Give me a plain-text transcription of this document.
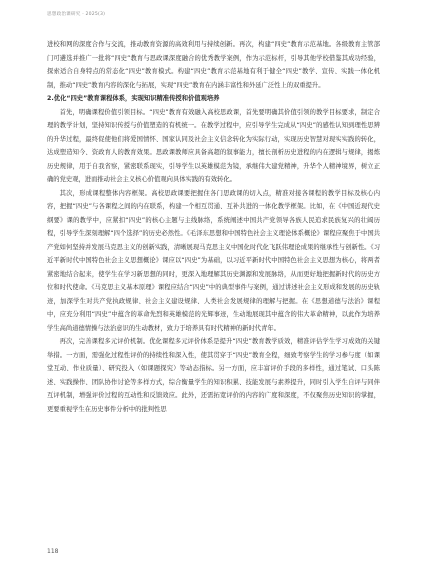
思想政治课研究 · 2025(3)

进校和网的深度合作与交流，推动教育资源的高效利用与持续创新。再次，构建“四史”教育示范基地。各级教育主管部门可遴选并推广一批将“四史”教育与思政课深度融合的优秀教学案例，作为示范标杆，引导其他学校借鉴其成功经验，探索适合自身特点的常态化“四史”教育模式。构建“四史”教育示范基地有利于健全“四史”教学、宣传、实践一体化机制，推动“四史”教育内容的深化与拓展，实现“四史”教育在内涵丰富性和外延广泛性上的双重提升。

2.优化“四史”教育课程体系，实现知识精准传授和价值观培养

首先，明确课程价值引领目标。“四史”教育有效融入高校思政课，首先要明确其价值引领的教学目标要求，制定合理的教学计划，坚持知识传授与价值塑造的有机统一。在教学过程中，应引导学生完成从“四史”的感性认知到理性思辨的升华过程，最终促使他们将爱国情怀、国家认同及社会主义信念转化为实际行动，实现历史智慧对现实实践的转化，达成塑造知今、资政育人的教育效果。思政课教师应具备高超的叙事能力，擅长剖析历史进程的内在逻辑与规律，揭炼历史规律，用于自我省察，紧密联系现实，引导学生以英雄模范为镜，承继伟大建党精神，升华个人精神境界，树立正确的党史观，进而推动社会主义核心价值观向具体实践的有效转化。

其次，形成课程整体内容框架。高校思政课要把握住各门思政课的切入点，精准对接各课程的教学目标及核心内容，把握“四史”与各课程之间的内在联系，构建一个相互贯通、互补共进的一体化教学框架。比如，在《中国近现代史纲要》课的教学中，应紧扣“四史”的核心主题与主线脉络，系统阐述中国共产党领导各族人民追求民族复兴的壮阔历程，引导学生深刻理解“四个选择”的历史必然性。《毛泽东思想和中国特色社会主义理论体系概论》课程应聚焦于中国共产党如何坚持并发展马克思主义的创新实践，清晰展现马克思主义中国化时代化飞跃伟理论成果的继承性与创新性。《习近平新时代中国特色社会主义思想概论》课应以“四史”为基础，以习近平新时代中国特色社会主义思想为核心，将两者紧密地结合起来，使学生在学习新思想的同时，更深入地理解其历史渊源和发展脉络，从而更好地把握新时代的历史方位和时代使命。《马克思主义基本原理》课程应结合“四史”中的典型事件与案例，通过讲述社会主义形成和发展的历史轨迹，加深学生对共产党执政规律、社会主义建设规律、人类社会发展规律的理解与把握。在《思想道德与法治》课程中，应充分利用“四史”中蕴含的革命先烈和英雄模范的光辉事迹，生动地展现其中蕴含的伟大革命精神，以此作为培养学生高尚道德情操与法治意识的生动教材，致力于培养具有时代精神的新时代青年。

再次，完善课程多元评价机制。优化课程多元评价体系是提升“四史”教育教学质效，精准评估学生学习成效的关键举措。一方面，需强化过程性评价的持续性和深入性，使其贯穿于“四史”教育全程，细致考察学生的学习参与度（如课堂互动、作业质量）、研究投入（如课题探究）等动态指标。另一方面，应丰富评价手段的多样性，通过笔试、口头陈述、实践操作、团队协作讨论等多样方式，综合衡量学生的知识积累、技能发展与素养提升，同时引入学生自评与同伴互评机制，增强评价过程的互动性和反馈效应。此外，还需拓宽评价的内容的广度和深度，不仅聚焦历史知识的掌握，更要重视学生在历史事件分析中的批判性思

118
